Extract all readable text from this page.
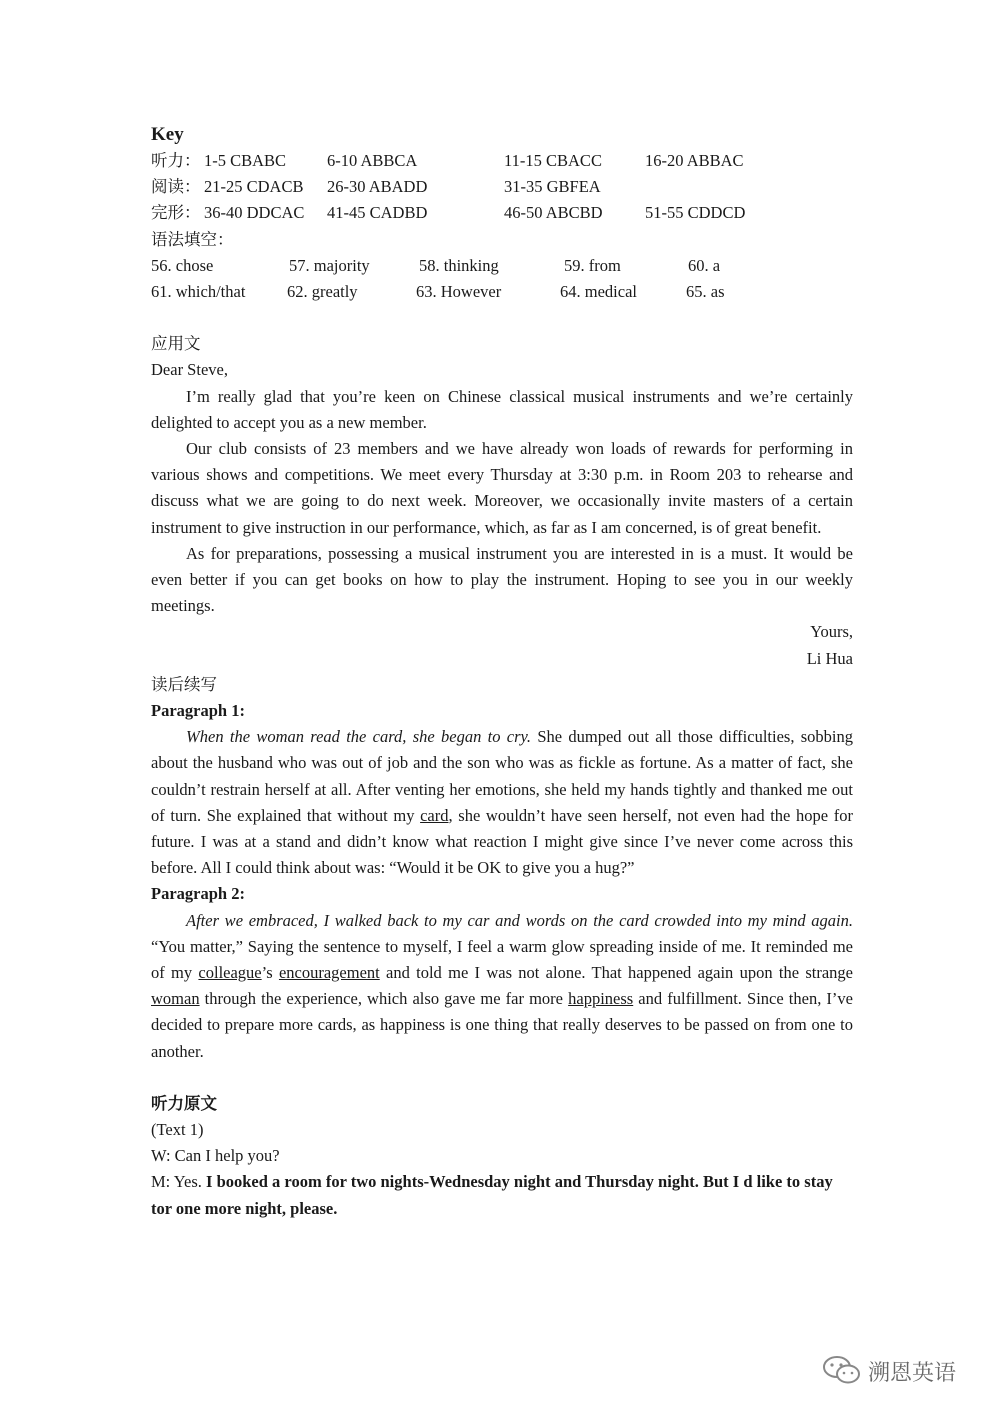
Key
听力： 1-5 CBABC 6-10 ABBCA	11-15 CBACC	16-20 ABBAC
阅读： 21-25 CDACB 26-30 ABADD	31-35 GBFEA
完形： 36-40 DDCAC 41-45 CADBD	46-50 ABCBD	51-55 CDDCD
语法填空：
56. chose	57. majority	58. thinking	59. from	60. a
61. which/that	62. greatly	63. However	64. medical	65. as
应用文
Dear Steve,

I’m really glad that you’re keen on Chinese classical musical instruments and we’re certainly delighted to accept you as a new member.

Our club consists of 23 members and we have already won loads of rewards for performing in various shows and competitions. We meet every Thursday at 3:30 p.m. in Room 203 to rehearse and discuss what we are going to do next week. Moreover, we occasionally invite masters of a certain instrument to give instruction in our performance, which, as far as I am concerned, is of great benefit.

As for preparations, possessing a musical instrument you are interested in is a must. It would be even better if you can get books on how to play the instrument. Hoping to see you in our weekly meetings.

Yours,

Li Hua

读后续写
Paragraph 1:

When the woman read the card, she began to cry. She dumped out all those difficulties, sobbing about the husband who was out of job and the son who was as fickle as fortune. As a matter of fact, she couldn’t restrain herself at all. After venting her emotions, she held my hands tightly and thanked me out of turn. She explained that without my card, she wouldn’t have seen herself, not even had the hope for future. I was at a stand and didn’t know what reaction I might give since I’ve never come across this before. All I could think about was: “Would it be OK to give you a hug?”

Paragraph 2:

After we embraced, I walked back to my car and words on the card crowded into my mind again. “You matter,” Saying the sentence to myself, I feel a warm glow spreading inside of me. It reminded me of my colleague’s encouragement and told me I was not alone. That happened again upon the strange woman through the experience, which also gave me far more happiness and fulfillment. Since then, I’ve decided to prepare more cards, as happiness is one thing that really deserves to be passed on from one to another.

听力原文
(Text 1)
W: Can I help you?

M: Yes. I booked a room for two nights-Wednesday night and Thursday night. But I d like to stay tor one more night, please.

溯恩英语
